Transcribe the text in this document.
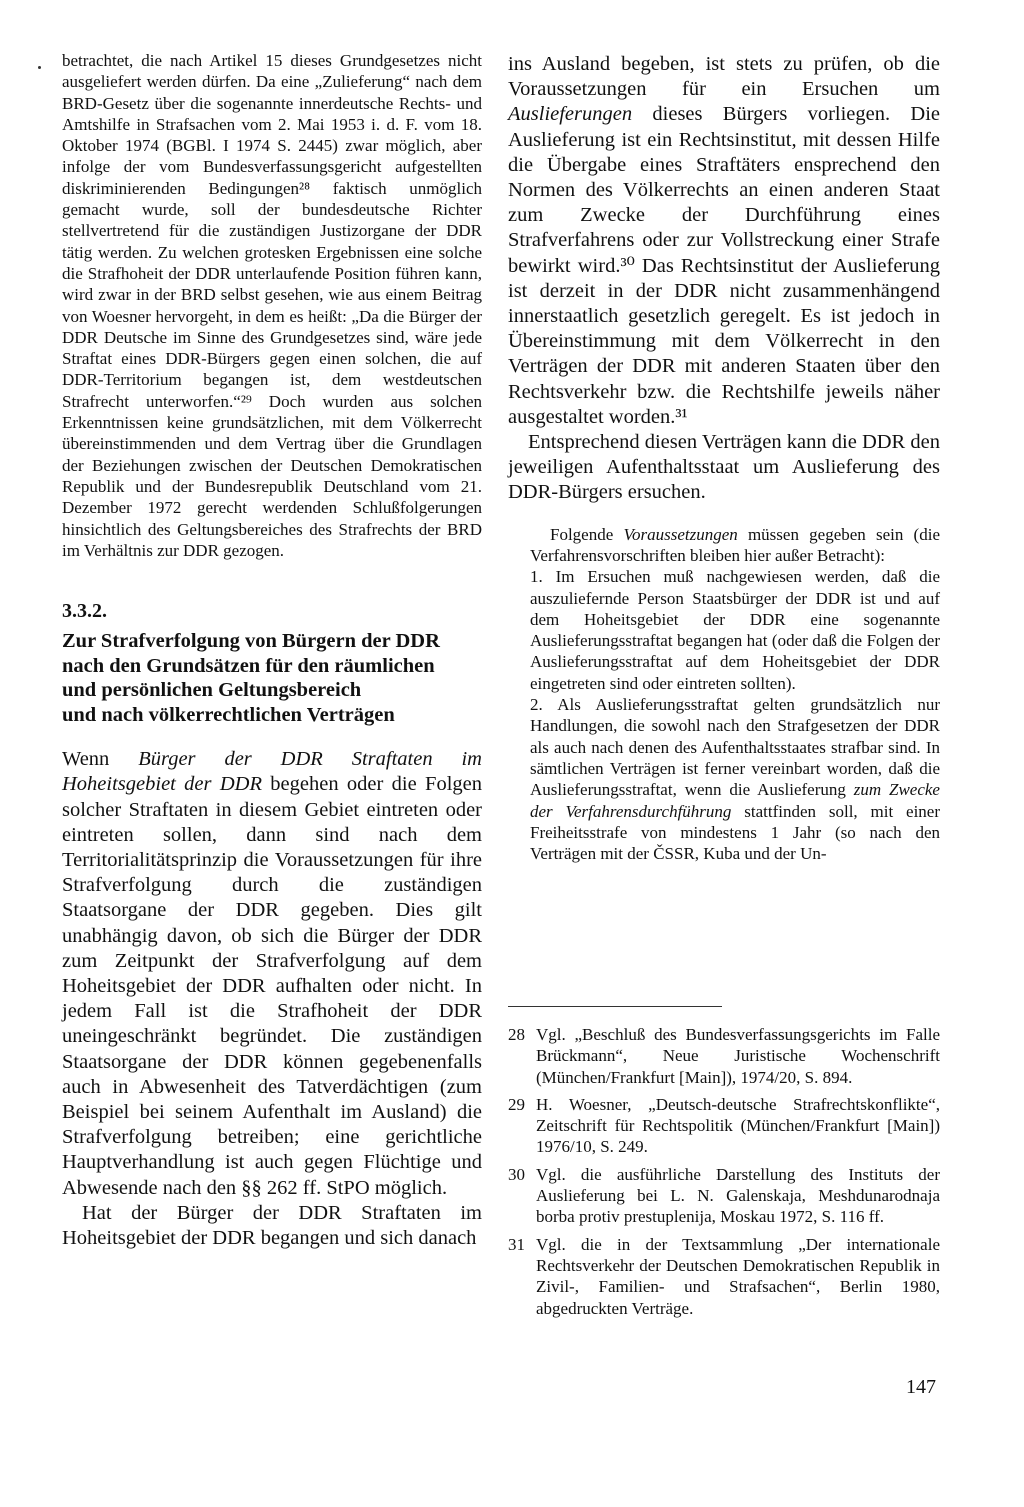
betrachtet, die nach Artikel 15 dieses Grundgesetzes nicht ausgeliefert werden dürfen. Da eine „Zulieferung“ nach dem BRD-Gesetz über die sogenannte innerdeutsche Rechts- und Amtshilfe in Strafsachen vom 2. Mai 1953 i. d. F. vom 18. Oktober 1974 (BGBl. I 1974 S. 2445) zwar möglich, aber infolge der vom Bundesverfassungsgericht aufgestellten diskriminierenden Bedingungen²⁸ faktisch unmöglich gemacht wurde, soll der bundesdeutsche Richter stellvertretend für die zuständigen Justizorgane der DDR tätig werden. Zu welchen grotesken Ergebnissen eine solche die Strafhoheit der DDR unterlaufende Position führen kann, wird zwar in der BRD selbst gesehen, wie aus einem Beitrag von Woesner hervorgeht, in dem es heißt: „Da die Bürger der DDR Deutsche im Sinne des Grundgesetzes sind, wäre jede Straftat eines DDR-Bürgers gegen einen solchen, die auf DDR-Territorium begangen ist, dem westdeutschen Strafrecht unterworfen.“²⁹ Doch wurden aus solchen Erkenntnissen keine grundsätzlichen, mit dem Völkerrecht übereinstimmenden und dem Vertrag über die Grundlagen der Beziehungen zwischen der Deutschen Demokratischen Republik und der Bundesrepublik Deutschland vom 21. Dezember 1972 gerecht werdenden Schlußfolgerungen hinsichtlich des Geltungsbereiches des Strafrechts der BRD im Verhältnis zur DDR gezogen.

3.3.2.
Zur Strafverfolgung von Bürgern der DDR
nach den Grundsätzen für den räumlichen
und persönlichen Geltungsbereich
und nach völkerrechtlichen Verträgen

Wenn Bürger der DDR Straftaten im Hoheitsgebiet der DDR begehen oder die Folgen solcher Straftaten in diesem Gebiet eintreten oder eintreten sollen, dann sind nach dem Territorialitätsprinzip die Voraussetzungen für ihre Strafverfolgung durch die zuständigen Staatsorgane der DDR gegeben. Dies gilt unabhängig davon, ob sich die Bürger der DDR zum Zeitpunkt der Strafverfolgung auf dem Hoheitsgebiet der DDR aufhalten oder nicht. In jedem Fall ist die Strafhoheit der DDR uneingeschränkt begründet. Die zuständigen Staatsorgane der DDR können gegebenenfalls auch in Abwesenheit des Tatverdächtigen (zum Beispiel bei seinem Aufenthalt im Ausland) die Strafverfolgung betreiben; eine gerichtliche Hauptverhandlung ist auch gegen Flüchtige und Abwesende nach den §§ 262 ff. StPO möglich.

Hat der Bürger der DDR Straftaten im Hoheitsgebiet der DDR begangen und sich danach

ins Ausland begeben, ist stets zu prüfen, ob die Voraussetzungen für ein Ersuchen um Auslieferungen dieses Bürgers vorliegen. Die Auslieferung ist ein Rechtsinstitut, mit dessen Hilfe die Übergabe eines Straftäters ensprechend den Normen des Völkerrechts an einen anderen Staat zum Zwecke der Durchführung eines Strafverfahrens oder zur Vollstreckung einer Strafe bewirkt wird.³⁰ Das Rechtsinstitut der Auslieferung ist derzeit in der DDR nicht zusammenhängend innerstaatlich gesetzlich geregelt. Es ist jedoch in Übereinstimmung mit dem Völkerrecht in den Verträgen der DDR mit anderen Staaten über den Rechtsverkehr bzw. die Rechtshilfe jeweils näher ausgestaltet worden.³¹

Entsprechend diesen Verträgen kann die DDR den jeweiligen Aufenthaltsstaat um Auslieferung des DDR-Bürgers ersuchen.

Folgende Voraussetzungen müssen gegeben sein (die Verfahrensvorschriften bleiben hier außer Betracht):

1. Im Ersuchen muß nachgewiesen werden, daß die auszuliefernde Person Staatsbürger der DDR ist und auf dem Hoheitsgebiet der DDR eine sogenannte Auslieferungsstraftat begangen hat (oder daß die Folgen der Auslieferungsstraftat auf dem Hoheitsgebiet der DDR eingetreten sind oder eintreten sollten).

2. Als Auslieferungsstraftat gelten grundsätzlich nur Handlungen, die sowohl nach den Strafgesetzen der DDR als auch nach denen des Aufenthaltsstaates strafbar sind. In sämtlichen Verträgen ist ferner vereinbart worden, daß die Auslieferungsstraftat, wenn die Auslieferung zum Zwecke der Verfahrensdurchführung stattfinden soll, mit einer Freiheitsstrafe von mindestens 1 Jahr (so nach den Verträgen mit der ČSSR, Kuba und der Un-

28 Vgl. „Beschluß des Bundesverfassungsgerichts im Falle Brückmann“, Neue Juristische Wochenschrift (München/Frankfurt [Main]), 1974/20, S. 894.
29 H. Woesner, „Deutsch-deutsche Strafrechtskonflikte“, Zeitschrift für Rechtspolitik (München/Frankfurt [Main]) 1976/10, S. 249.
30 Vgl. die ausführliche Darstellung des Instituts der Auslieferung bei L. N. Galenskaja, Meshdunarodnaja borba protiv prestuplenija, Moskau 1972, S. 116 ff.
31 Vgl. die in der Textsammlung „Der internationale Rechtsverkehr der Deutschen Demokratischen Republik in Zivil-, Familien- und Strafsachen“, Berlin 1980, abgedruckten Verträge.
147
